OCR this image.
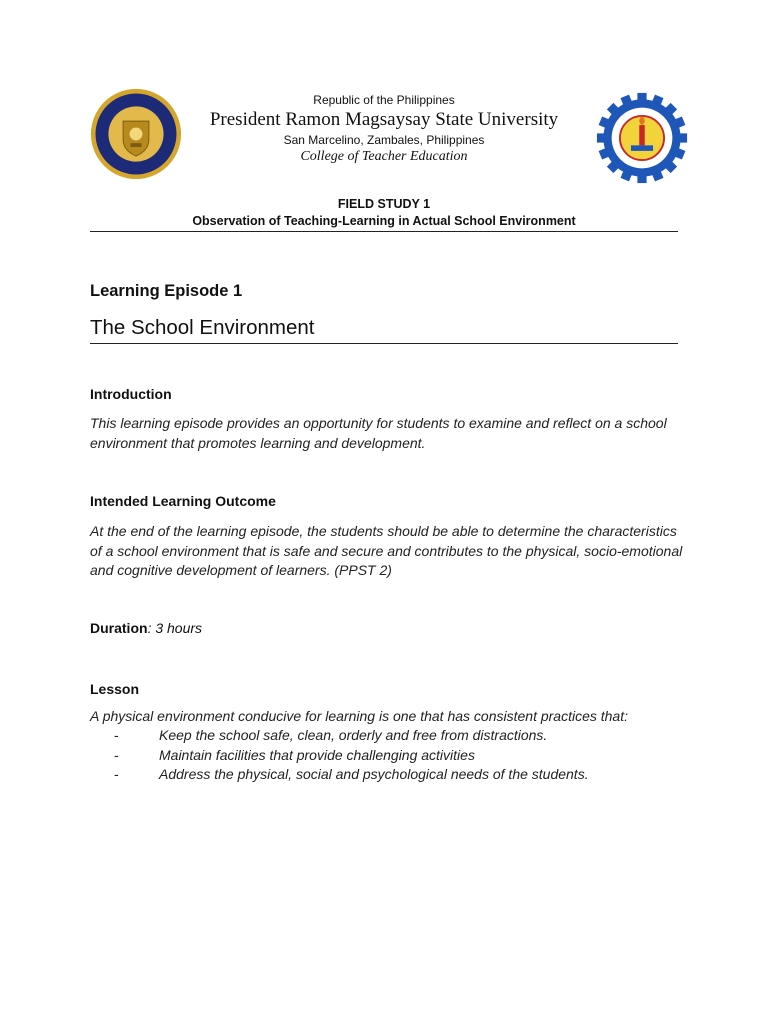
Republic of the Philippines
President Ramon Magsaysay State University
San Marcelino, Zambales, Philippines
College of Teacher Education
FIELD STUDY 1
Observation of Teaching-Learning in Actual School Environment
Learning Episode 1
The School Environment
Introduction
This learning episode provides an opportunity for students to examine and reflect on a school environment that promotes learning and development.
Intended Learning Outcome
At the end of the learning episode, the students should be able to determine the characteristics of a school environment that is safe and secure and contributes to the physical, socio-emotional and cognitive development of learners. (PPST 2)
Duration: 3 hours
Lesson
A physical environment conducive for learning is one that has consistent practices that:
-	Keep the school safe, clean, orderly and free from distractions.
-	Maintain facilities that provide challenging activities
-	Address the physical, social and psychological needs of the students.
